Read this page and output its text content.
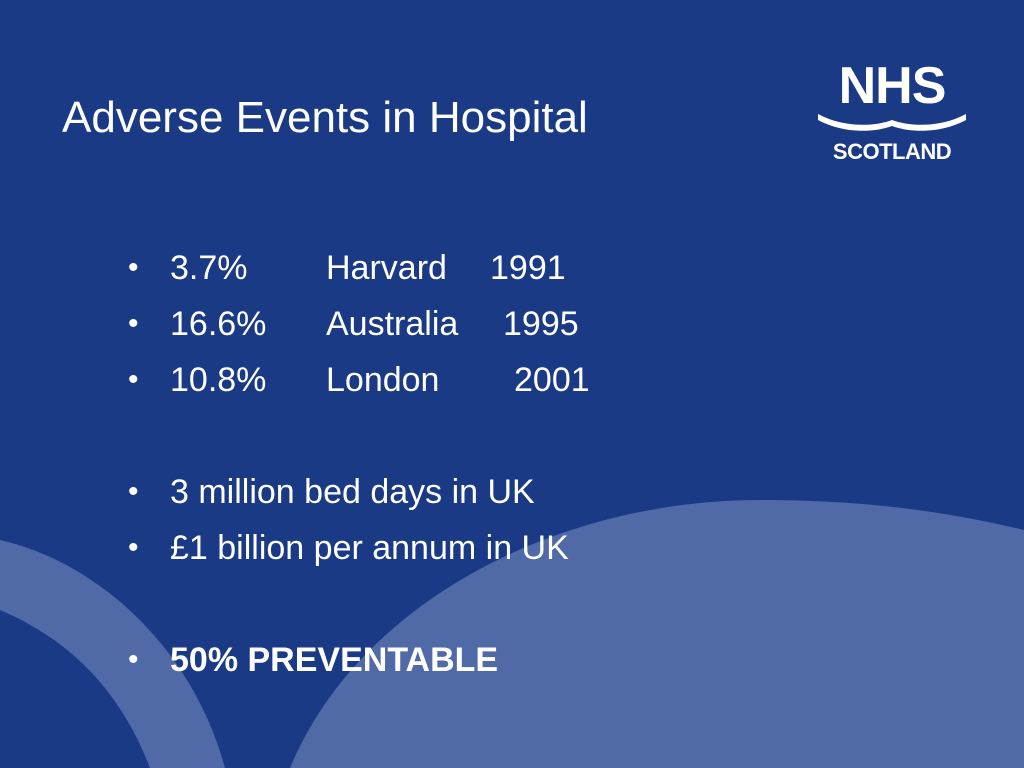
Adverse Events in Hospital
NHS
SCOTLAND
• 3.7% Harvard 1991
• 16.6% Australia 1995
• 10.8% London 2001
• 3 million bed days in UK
• £1 billion per annum in UK
• 50% PREVENTABLE
